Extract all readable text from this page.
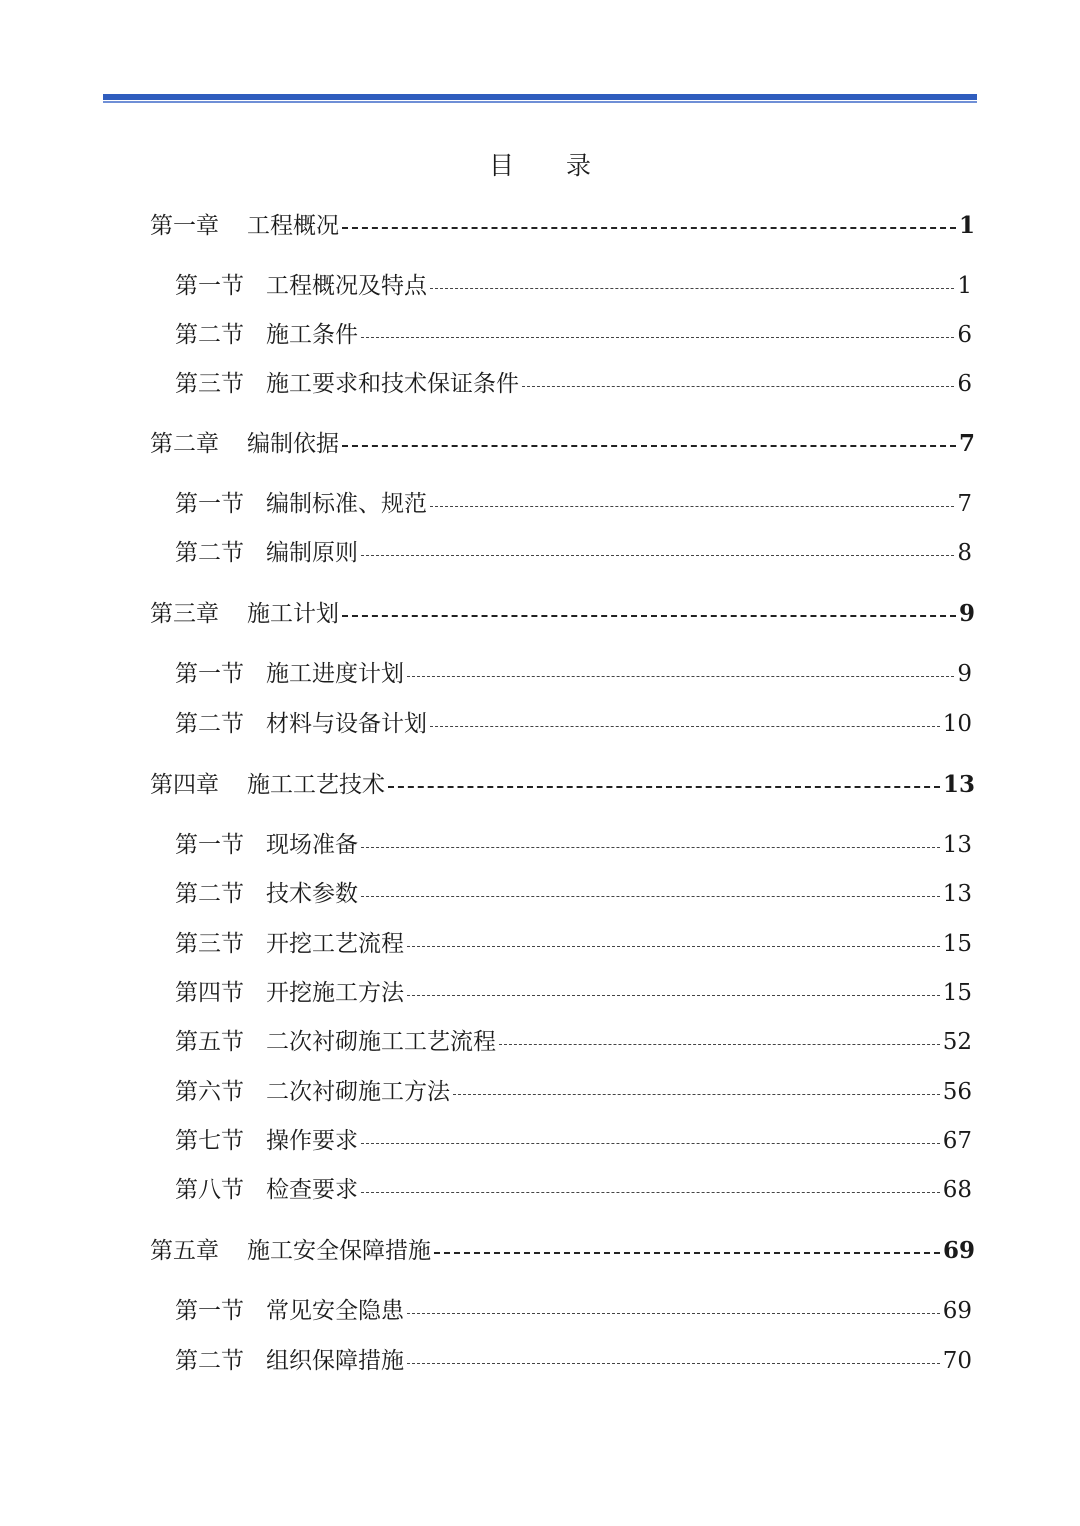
目 录
第一章 工程概况	1
第一节 工程概况及特点	1
第二节 施工条件	6
第三节 施工要求和技术保证条件	6
第二章 编制依据	7
第一节 编制标准、规范	7
第二节 编制原则	8
第三章 施工计划	9
第一节 施工进度计划	9
第二节 材料与设备计划	10
第四章 施工工艺技术	13
第一节 现场准备	13
第二节 技术参数	13
第三节 开挖工艺流程	15
第四节 开挖施工方法	15
第五节 二次衬砌施工工艺流程	52
第六节 二次衬砌施工方法	56
第七节 操作要求	67
第八节 检查要求	68
第五章 施工安全保障措施	69
第一节 常见安全隐患	69
第二节 组织保障措施	70
